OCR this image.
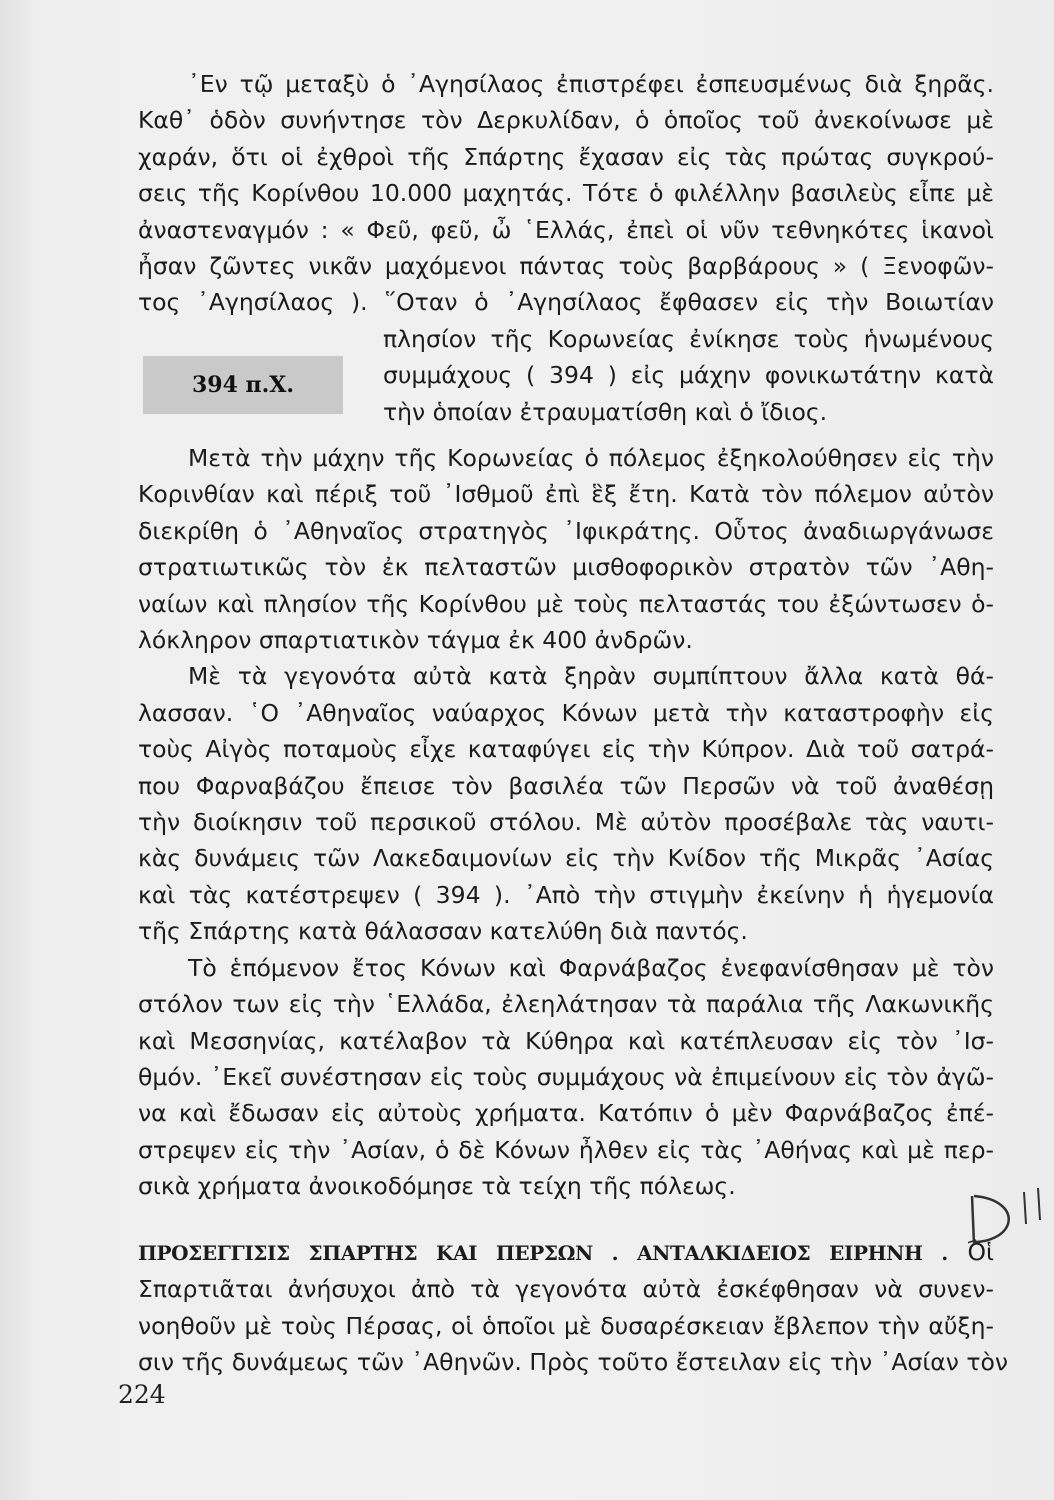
᾿Εν τῷ μεταξὺ ὁ ᾿Αγησίλαος ἐπιστρέφει ἐσπευσμένως διὰ ξηρᾶς.
Καθ᾿ ὁδὸν συνήντησε τὸν Δερκυλίδαν, ὁ ὁποῖος τοῦ ἀνεκοίνωσε μὲ
χαράν, ὅτι οἱ ἐχθροὶ τῆς Σπάρτης ἔχασαν εἰς τὰς πρώτας συγκρού-
σεις τῆς Κορίνθου 10.000 μαχητάς. Τότε ὁ φιλέλλην βασιλεὺς εἶπε μὲ
ἀναστεναγμόν : « Φεῦ, φεῦ, ὦ ῾Ελλάς, ἐπεὶ οἱ νῦν τεθνηκότες ἱκανοὶ
ἦσαν ζῶντες νικᾶν μαχόμενοι πάντας τοὺς βαρβάρους » ( Ξενοφῶν-
τος ᾿Αγησίλαος ). ῞Οταν ὁ ᾿Αγησίλαος ἔφθασεν εἰς τὴν Βοιωτίαν
πλησίον τῆς Κορωνείας ἐνίκησε τοὺς ἡνωμένους
συμμάχους ( 394 ) εἰς μάχην φονικωτάτην κατὰ
τὴν ὁποίαν ἐτραυματίσθη καὶ ὁ ἴδιος.
394 π.Χ.
Μετὰ τὴν μάχην τῆς Κορωνείας ὁ πόλεμος ἐξηκολούθησεν εἰς τὴν
Κορινθίαν καὶ πέριξ τοῦ ᾿Ισθμοῦ ἐπὶ ἓξ ἔτη. Κατὰ τὸν πόλεμον αὐτὸν
διεκρίθη ὁ ᾿Αθηναῖος στρατηγὸς ᾿Ιφικράτης. Οὗτος ἀναδιωργάνωσε
στρατιωτικῶς τὸν ἐκ πελταστῶν μισθοφορικὸν στρατὸν τῶν ᾿Αθη-
ναίων καὶ πλησίον τῆς Κορίνθου μὲ τοὺς πελταστάς του ἐξώντωσεν ὁ-
λόκληρον σπαρτιατικὸν τάγμα ἐκ 400 ἀνδρῶν.
Μὲ τὰ γεγονότα αὐτὰ κατὰ ξηρὰν συμπίπτουν ἄλλα κατὰ θά-
λασσαν. ῾Ο ᾿Αθηναῖος ναύαρχος Κόνων μετὰ τὴν καταστροφὴν εἰς
τοὺς Αἰγὸς ποταμοὺς εἶχε καταφύγει εἰς τὴν Κύπρον. Διὰ τοῦ σατρά-
που Φαρναβάζου ἔπεισε τὸν βασιλέα τῶν Περσῶν νὰ τοῦ ἀναθέσῃ
τὴν διοίκησιν τοῦ περσικοῦ στόλου. Μὲ αὐτὸν προσέβαλε τὰς ναυτι-
κὰς δυνάμεις τῶν Λακεδαιμονίων εἰς τὴν Κνίδον τῆς Μικρᾶς ᾿Ασίας
καὶ τὰς κατέστρεψεν ( 394 ). ᾿Απὸ τὴν στιγμὴν ἐκείνην ἡ ἡγεμονία
τῆς Σπάρτης κατὰ θάλασσαν κατελύθη διὰ παντός.
Τὸ ἑπόμενον ἔτος Κόνων καὶ Φαρνάβαζος ἐνεφανίσθησαν μὲ τὸν
στόλον των εἰς τὴν ῾Ελλάδα, ἐλεηλάτησαν τὰ παράλια τῆς Λακωνικῆς
καὶ Μεσσηνίας, κατέλαβον τὰ Κύθηρα καὶ κατέπλευσαν εἰς τὸν ᾿Ισ-
θμόν. ᾿Εκεῖ συνέστησαν εἰς τοὺς συμμάχους νὰ ἐπιμείνουν εἰς τὸν ἀγῶ-
να καὶ ἔδωσαν εἰς αὐτοὺς χρήματα. Κατόπιν ὁ μὲν Φαρνάβαζος ἐπέ-
στρεψεν εἰς τὴν ᾿Ασίαν, ὁ δὲ Κόνων ἦλθεν εἰς τὰς ᾿Αθήνας καὶ μὲ περ-
σικὰ χρήματα ἀνοικοδόμησε τὰ τείχη τῆς πόλεως.
ΠΡΟΣΕΓΓΙΣΙΣ ΣΠΑΡΤΗΣ ΚΑΙ ΠΕΡΣΩΝ . ΑΝΤΑΛΚΙΔΕΙΟΣ ΕΙΡΗΝΗ . Οἱ
Σπαρτιᾶται ἀνήσυχοι ἀπὸ τὰ γεγονότα αὐτὰ ἐσκέφθησαν νὰ συνεν-
νοηθοῦν μὲ τοὺς Πέρσας, οἱ ὁποῖοι μὲ δυσαρέσκειαν ἔβλεπον τὴν αὔξη-
σιν τῆς δυνάμεως τῶν ᾿Αθηνῶν. Πρὸς τοῦτο ἔστειλαν εἰς τὴν ᾿Ασίαν τὸν
224
